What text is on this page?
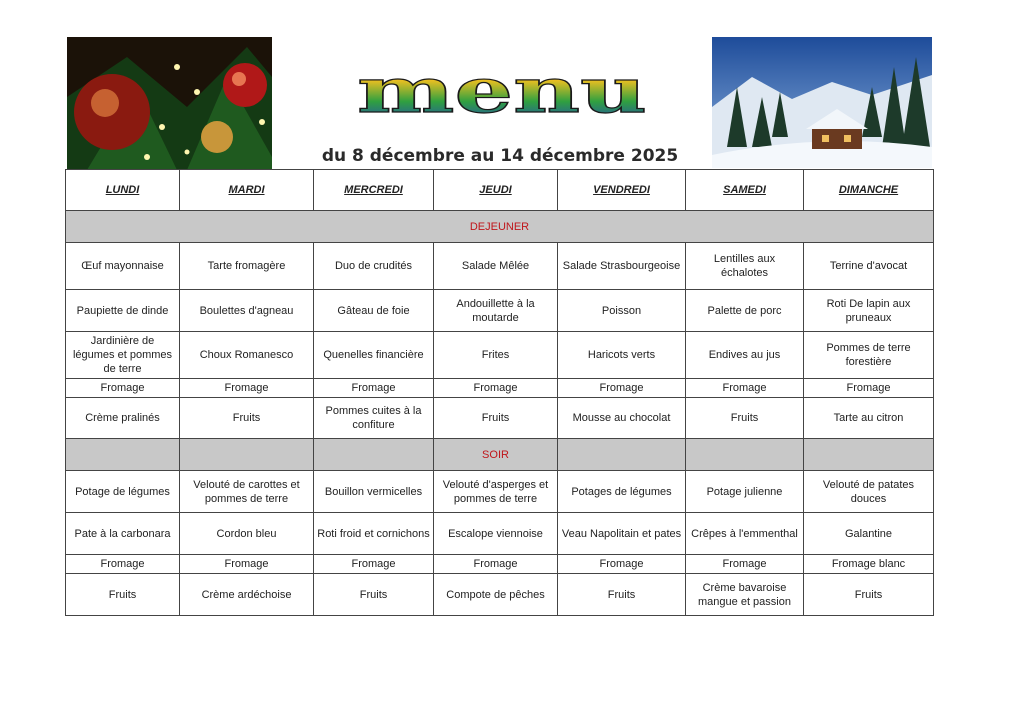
menu
du 8 décembre au 14 décembre 2025
LUNDI	MARDI	MERCREDI	JEUDI	VENDREDI	SAMEDI	DIMANCHE
DEJEUNER						
Œuf mayonnaise	Tarte fromagère	Duo de crudités	Salade Mêlée	Salade Strasbourgeoise	Lentilles aux échalotes	Terrine d'avocat
Paupiette de dinde	Boulettes d'agneau	Gâteau de foie	Andouillette à la moutarde	Poisson	Palette de porc	Roti De lapin aux pruneaux
Jardinière de légumes et pommes de terre	Choux Romanesco	Quenelles financière	Frites	Haricots verts	Endives au jus	Pommes de terre forestière
Fromage	Fromage	Fromage	Fromage	Fromage	Fromage	Fromage
Crème pralinés	Fruits	Pommes cuites à la confiture	Fruits	Mousse au chocolat	Fruits	Tarte au citron
			SOIR			
Potage de légumes	Velouté de carottes et pommes de terre	Bouillon vermicelles	Velouté d'asperges et pommes de terre	Potages de légumes	Potage julienne	Velouté de patates douces
Pate à la carbonara	Cordon bleu	Roti froid et cornichons	Escalope viennoise	Veau Napolitain et pates	Crêpes à l'emmenthal	Galantine
Fromage	Fromage	Fromage	Fromage	Fromage	Fromage	Fromage blanc
Fruits	Crème ardéchoise	Fruits	Compote de pêches	Fruits	Crème bavaroise mangue et passion	Fruits
